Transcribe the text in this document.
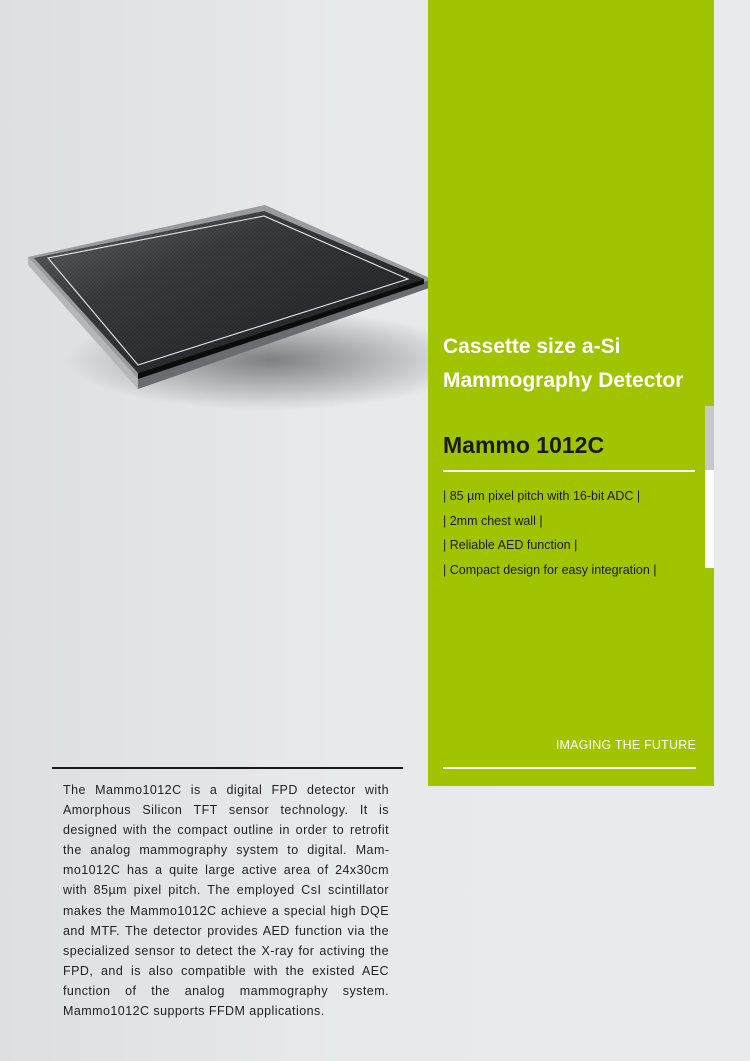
Cassette size a-Si
Mammography Detector
Mammo 1012C
| 85 µm pixel pitch with 16-bit ADC |
| 2mm chest wall |
| Reliable AED function |
| Compact design for easy integration |
IMAGING THE FUTURE

The Mammo1012C is a digital FPD detector with Amorphous Silicon TFT sensor technology. It is designed with the compact outline in order to retrofit the analog mammography system to digital. Mammo1012C has a quite large active area of 24x30cm with 85µm pixel pitch. The employed CsI scintillator makes the Mammo1012C achieve a special high DQE and MTF. The detector provides AED function via the specialized sensor to detect the X-ray for activing the FPD, and is also compatible with the existed AEC function of the analog mammography system. Mammo1012C supports FFDM applications.
